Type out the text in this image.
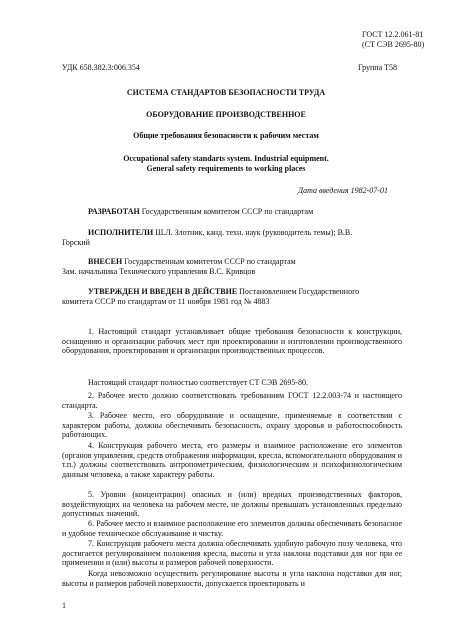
ГОСТ 12.2.061-81
(СТ СЭВ 2695-80)
УДК 658.382.3:006.354	Группа Т58
СИСТЕМА СТАНДАРТОВ БЕЗОПАСНОСТИ ТРУДА
ОБОРУДОВАНИЕ ПРОИЗВОДСТВЕННОЕ
Общие требования безопасности к рабочим местам
Occupational safety standarts system. Industrial equipment.
General safety requirements to working places
Дата введения 1982-07-01
РАЗРАБОТАН Государственным комитетом СССР по стандартам
ИСПОЛНИТЕЛИ Ш.Л. Злотник, канд. техн. наук (руководитель темы); В.В.
Горский
ВНЕСЕН Государственным комитетом СССР по стандартам
Зам. начальника Технического управления В.С. Кривцов
УТВЕРЖДЕН И ВВЕДЕН В ДЕЙСТВИЕ Постановлением Государственного
комитета СССР по стандартам от 11 ноября 1981 год № 4883
1. Настоящий стандарт устанавливает общие требования безопасности к конструкции, оснащению и организации рабочих мест при проектировании и изготовлении производственного оборудования, проектировании и организации производственных процессов.
Настоящий стандарт полностью соответствует СТ СЭВ 2695-80.
2. Рабочее место должно соответствовать требованиям ГОСТ 12.2.003-74 и настоящего стандарта.
3. Рабочее место, его оборудование и оснащение, применяемые в соответствии с характером работы, должны обеспечивать безопасность, охрану здоровья и работоспособность работающих.
4. Конструкция рабочего места, его размеры и взаимное расположение его элементов (органов управления, средств отображения информации, кресла, вспомогательного оборудования и т.п.) должны соответствовать антропометрическим, физиологическим и психофизиологическим данным человека, а также характеру работы.
5. Уровни (концентрации) опасных и (или) вредных производственных факторов, воздействующих на человека на рабочем месте, не должны превышать установленных предельно допустимых значений.
6. Рабочее место и взаимное расположение его элементов должны обеспечивать безопасное и удобное техническое обслуживание и чистку.
7. Конструкция рабочего места должна обеспечивать удобную рабочую позу человека, что достигается регулированием положения кресла, высоты и угла наклона подставки для ног при ее применении и (или) высоты и размеров рабочей поверхности.
Когда невозможно осуществить регулирование высоты и угла наклона подставки для ног, высоты и размеров рабочей поверхности, допускается проектировать и
1
